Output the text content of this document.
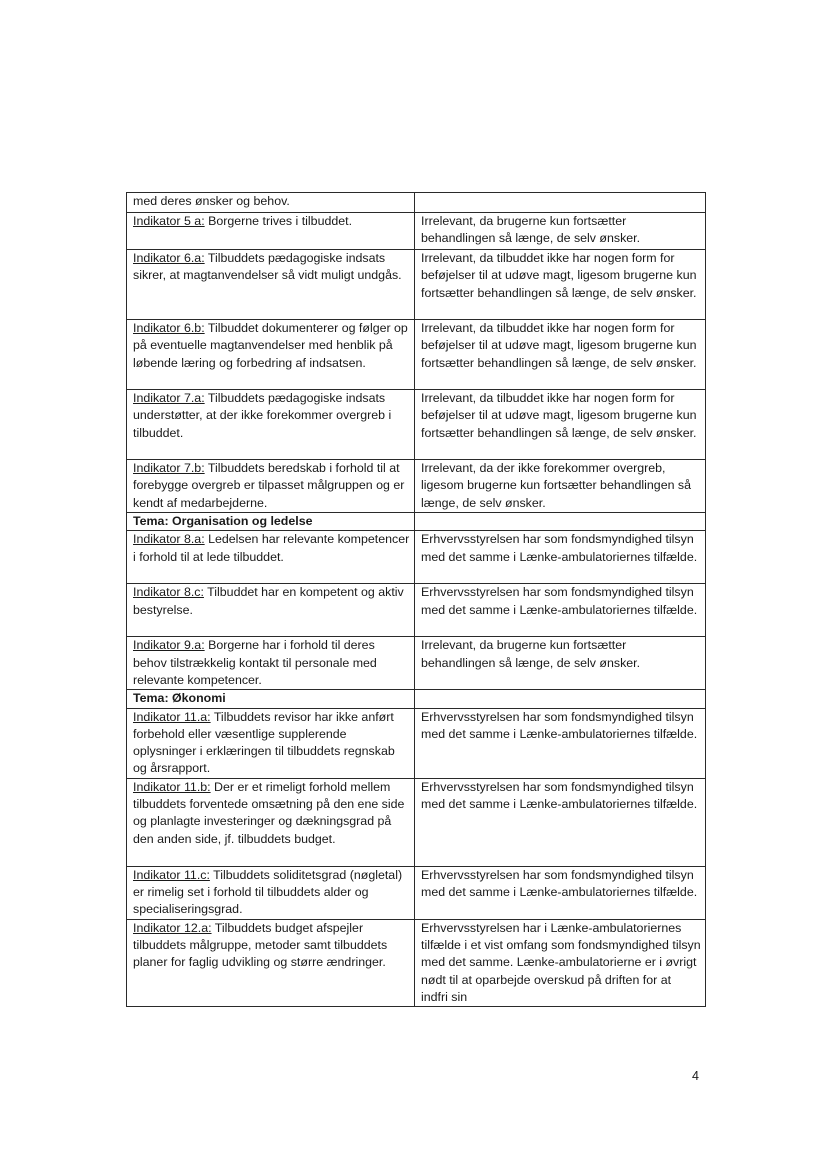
med deres ønsker og behov.	
Indikator 5 a: Borgerne trives i tilbuddet.	Irrelevant, da brugerne kun fortsætter behandlingen så længe, de selv ønsker.
Indikator 6.a: Tilbuddets pædagogiske indsats sikrer, at magtanvendelser så vidt muligt undgås.	Irrelevant, da tilbuddet ikke har nogen form for beføjelser til at udøve magt, ligesom brugerne kun fortsætter behandlingen så længe, de selv ønsker.
Indikator 6.b: Tilbuddet dokumenterer og følger op på eventuelle magtanvendelser med henblik på løbende læring og forbedring af indsatsen.	Irrelevant, da tilbuddet ikke har nogen form for beføjelser til at udøve magt, ligesom brugerne kun fortsætter behandlingen så længe, de selv ønsker.
Indikator 7.a: Tilbuddets pædagogiske indsats understøtter, at der ikke forekommer overgreb i tilbuddet.	Irrelevant, da tilbuddet ikke har nogen form for beføjelser til at udøve magt, ligesom brugerne kun fortsætter behandlingen så længe, de selv ønsker.
Indikator 7.b: Tilbuddets beredskab i forhold til at forebygge overgreb er tilpasset målgruppen og er kendt af medarbejderne.	Irrelevant, da der ikke forekommer overgreb, ligesom brugerne kun fortsætter behandlingen så længe, de selv ønsker.
Tema: Organisation og ledelse	
Indikator 8.a: Ledelsen har relevante kompetencer i forhold til at lede tilbuddet.	Erhvervsstyrelsen har som fondsmyndighed tilsyn med det samme i Lænke-ambulatoriernes tilfælde.
Indikator 8.c: Tilbuddet har en kompetent og aktiv bestyrelse.	Erhvervsstyrelsen har som fondsmyndighed tilsyn med det samme i Lænke-ambulatoriernes tilfælde.
Indikator 9.a: Borgerne har i forhold til deres behov tilstrækkelig kontakt til personale med relevante kompetencer.	Irrelevant, da brugerne kun fortsætter behandlingen så længe, de selv ønsker.
Tema: Økonomi	
Indikator 11.a: Tilbuddets revisor har ikke anført forbehold eller væsentlige supplerende oplysninger i erklæringen til tilbuddets regnskab og årsrapport.	Erhvervsstyrelsen har som fondsmyndighed tilsyn med det samme i Lænke-ambulatoriernes tilfælde.
Indikator 11.b: Der er et rimeligt forhold mellem tilbuddets forventede omsætning på den ene side og planlagte investeringer og dækningsgrad på den anden side, jf. tilbuddets budget.	Erhvervsstyrelsen har som fondsmyndighed tilsyn med det samme i Lænke-ambulatoriernes tilfælde.
Indikator 11.c: Tilbuddets soliditetsgrad (nøgletal) er rimelig set i forhold til tilbuddets alder og specialiseringsgrad.	Erhvervsstyrelsen har som fondsmyndighed tilsyn med det samme i Lænke-ambulatoriernes tilfælde.
Indikator 12.a: Tilbuddets budget afspejler tilbuddets målgruppe, metoder samt tilbuddets planer for faglig udvikling og større ændringer.	Erhvervsstyrelsen har i Lænke-ambulatoriernes tilfælde i et vist omfang som fondsmyndighed tilsyn med det samme. Lænke-ambulatorierne er i øvrigt nødt til at oparbejde overskud på driften for at indfri sin
4
